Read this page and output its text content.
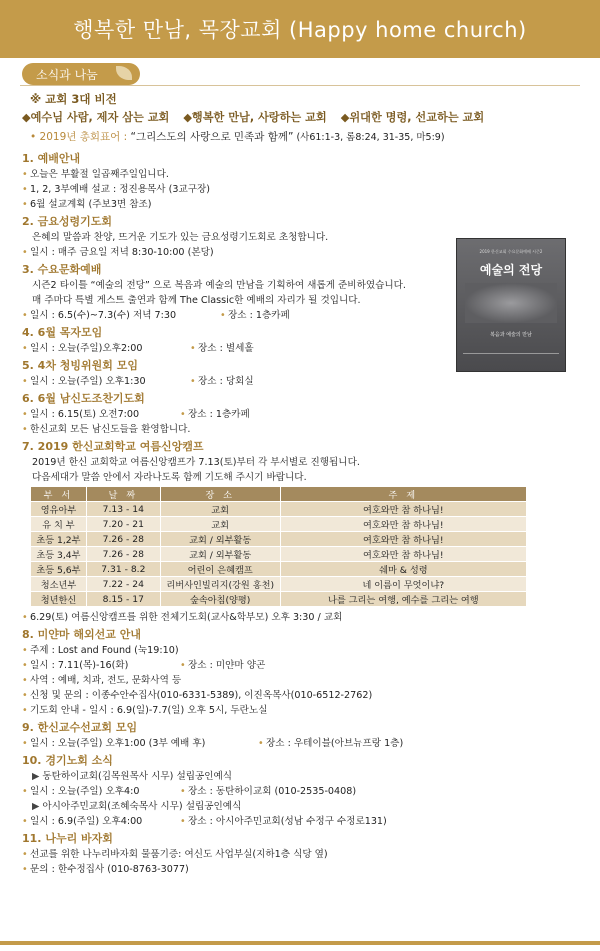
행복한 만남, 목장교회 (Happy home church)
소식과 나눔
2019 한신교회 수요문화예배 시즌2
예술의 전당
복음과 예술의 만남
※ 교회 3대 비전
◆예수님 사람, 제자 삼는 교회 ◆행복한 만남, 사랑하는 교회 ◆위대한 명령, 선교하는 교회
• 2019년 총회표어 : “그리스도의 사랑으로 민족과 함께” (사61:1-3, 롬8:24, 31-35, 마5:9)
1. 예배안내
• 오늘은 부활절 일곱째주일입니다.
• 1, 2, 3부예배 설교 : 정진용목사 (3교구장)
• 6월 설교계획 (주보3면 참조)
2. 금요성령기도회
은혜의 말씀과 찬양, 뜨거운 기도가 있는 금요성령기도회로 초청합니다.
• 일시 : 매주 금요일 저녁 8:30-10:00 (본당)
3. 수요문화예배
시즌2 타이틀 “예술의 전당” 으로 복음과 예술의 만남을 기획하여 새롭게 준비하였습니다.
매 주마다 특별 게스트 출연과 함께 The Classic한 예배의 자리가 될 것입니다.
• 일시 : 6.5(수)~7.3(수) 저녁 7:30	• 장소 : 1층카페
4. 6월 목자모임
• 일시 : 오늘(주일)오후2:00	• 장소 : 별세홀
5. 4차 청빙위원회 모임
• 일시 : 오늘(주일) 오후1:30	• 장소 : 당회실
6. 6월 남신도조찬기도회
• 일시 : 6.15(토) 오전7:00	• 장소 : 1층카페
• 한신교회 모든 남신도들을 환영합니다.
7. 2019 한신교회학교 여름신앙캠프
2019년 한신 교회학교 여름신앙캠프가 7.13(토)부터 각 부서별로 진행됩니다.
다음세대가 말씀 안에서 자라나도록 함께 기도해 주시기 바랍니다.
부 서	날 짜	장 소	주 제
영유아부	7.13 - 14	교회	여호와만 참 하나님!
유 치 부	7.20 - 21	교회	여호와만 참 하나님!
초등 1,2부	7.26 - 28	교회 / 외부활동	여호와만 참 하나님!
초등 3,4부	7.26 - 28	교회 / 외부활동	여호와만 참 하나님!
초등 5,6부	7.31 - 8.2	어린이 은혜캠프	쉐마 & 성령
청소년부	7.22 - 24	리버사인빌리지(강원 홍천)	네 이름이 무엇이냐?
청년한신	8.15 - 17	숲속아침(양평)	나를 그리는 여행, 예수를 그리는 여행
• 6.29(토) 여름신앙캠프를 위한 전체기도회(교사&학부모) 오후 3:30 / 교회
8. 미얀마 해외선교 안내
• 주제 : Lost and Found (눅19:10)
• 일시 : 7.11(목)-16(화)	• 장소 : 미얀마 양곤
• 사역 : 예배, 치과, 전도, 문화사역 등
• 신청 및 문의 : 이종수안수집사(010-6331-5389), 이진옥목사(010-6512-2762)
• 기도회 안내 - 일시 : 6.9(일)-7.7(일) 오후 5시, 두란노실
9. 한신교수선교회 모임
• 일시 : 오늘(주일) 오후1:00 (3부 예배 후)	• 장소 : 우테이블(아브뉴프랑 1층)
10. 경기노회 소식
▶ 동탄하이교회(김목원목사 시무) 설립공인예식
• 일시 : 오늘(주일) 오후4:0	• 장소 : 동탄하이교회 (010-2535-0408)
▶ 아시아주민교회(조혜숙목사 시무) 설립공인예식
• 일시 : 6.9(주일) 오후4:00	• 장소 : 아시아주민교회(성남 수정구 수정로131)
11. 나누리 바자회
• 선교를 위한 나누리바자회 물품기증: 여신도 사업부실(지하1층 식당 옆)
• 문의 : 한수정집사 (010-8763-3077)
